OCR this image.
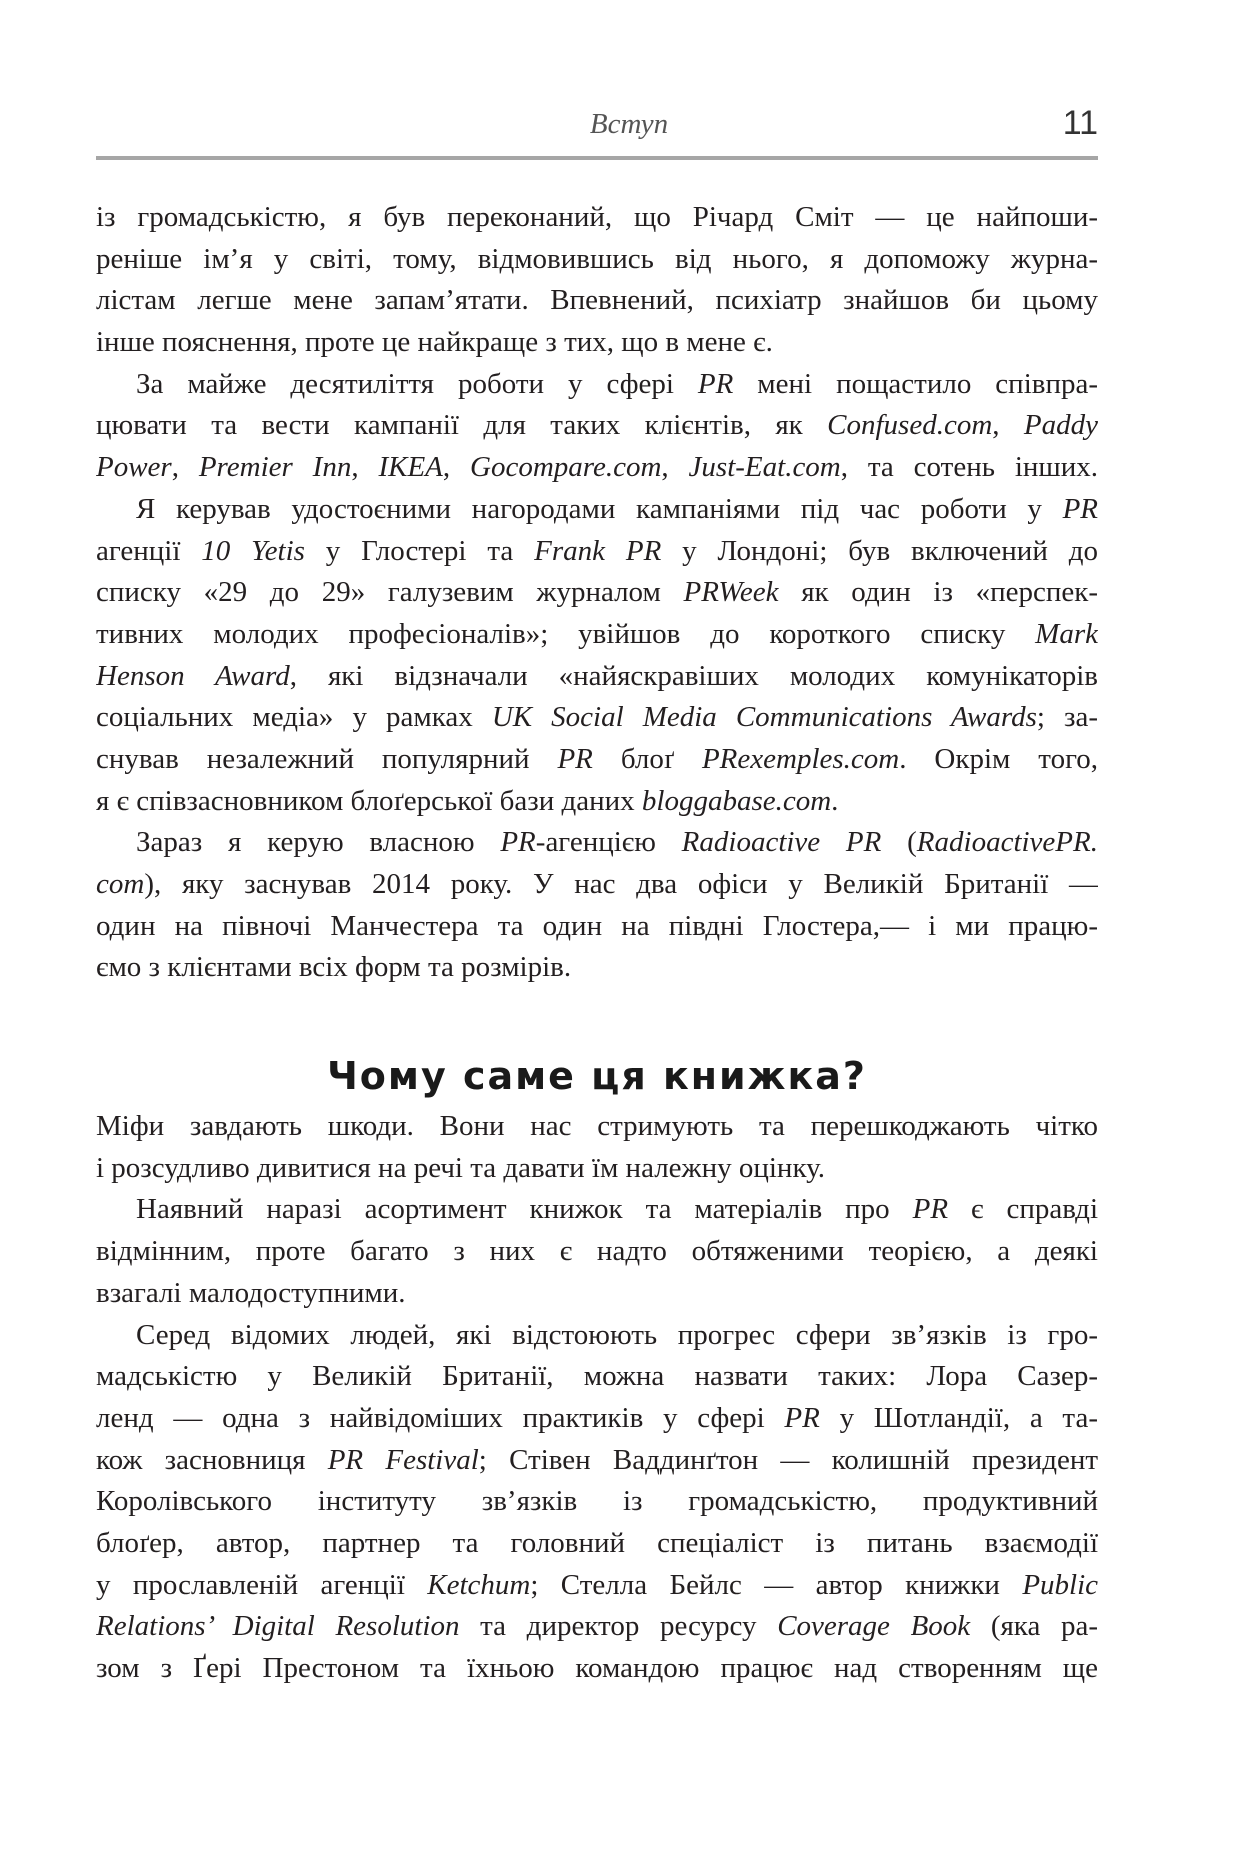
Вступ	11
із громадськістю, я був переконаний, що Річард Сміт — це найпоши-
реніше ім’я у світі, тому, відмовившись від нього, я допоможу журна-
лістам легше мене запам’ятати. Впевнений, психіатр знайшов би цьому
інше пояснення, проте це найкраще з тих, що в мене є.
За майже десятиліття роботи у сфері PR мені пощастило співпра-
цювати та вести кампанії для таких клієнтів, як Confused.com, Paddy
Power, Premier Inn, IKEA, Gocompare.com, Just-Eat.com, та сотень інших.
Я керував удостоєними нагородами кампаніями під час роботи у PR
агенції 10 Yetis у Глостері та Frank PR у Лондоні; був включений до
списку «29 до 29» галузевим журналом PRWeek як один із «перспек-
тивних молодих професіоналів»; увійшов до короткого списку Mark
Henson Award, які відзначали «найяскравіших молодих комунікаторів
соціальних медіа» у рамках UK Social Media Communications Awards; за-
снував незалежний популярний PR блоґ PRexemples.com. Окрім того,
я є співзасновником блоґерської бази даних bloggabase.com.
Зараз я керую власною PR-агенцією Radioactive PR (RadioactivePR.
com), яку заснував 2014 року. У нас два офіси у Великій Британії —
один на півночі Манчестера та один на півдні Глостера,— і ми працю-
ємо з клієнтами всіх форм та розмірів.
Чому саме ця книжка?
Міфи завдають шкоди. Вони нас стримують та перешкоджають чітко
і розсудливо дивитися на речі та давати їм належну оцінку.
Наявний наразі асортимент книжок та матеріалів про PR є справді
відмінним, проте багато з них є надто обтяженими теорією, а деякі
взагалі малодоступними.
Серед відомих людей, які відстоюють прогрес сфери зв’язків із гро-
мадськістю у Великій Британії, можна назвати таких: Лора Сазер-
ленд — одна з найвідоміших практиків у сфері PR у Шотландії, а та-
кож засновниця PR Festival; Стівен Ваддинґтон — колишній президент
Королівського інституту зв’язків із громадськістю, продуктивний
блоґер, автор, партнер та головний спеціаліст із питань взаємодії
у прославленій агенції Ketchum; Стелла Бейлс — автор книжки Public
Relations’ Digital Resolution та директор ресурсу Coverage Book (яка ра-
зом з Ґері Престоном та їхньою командою працює над створенням ще
